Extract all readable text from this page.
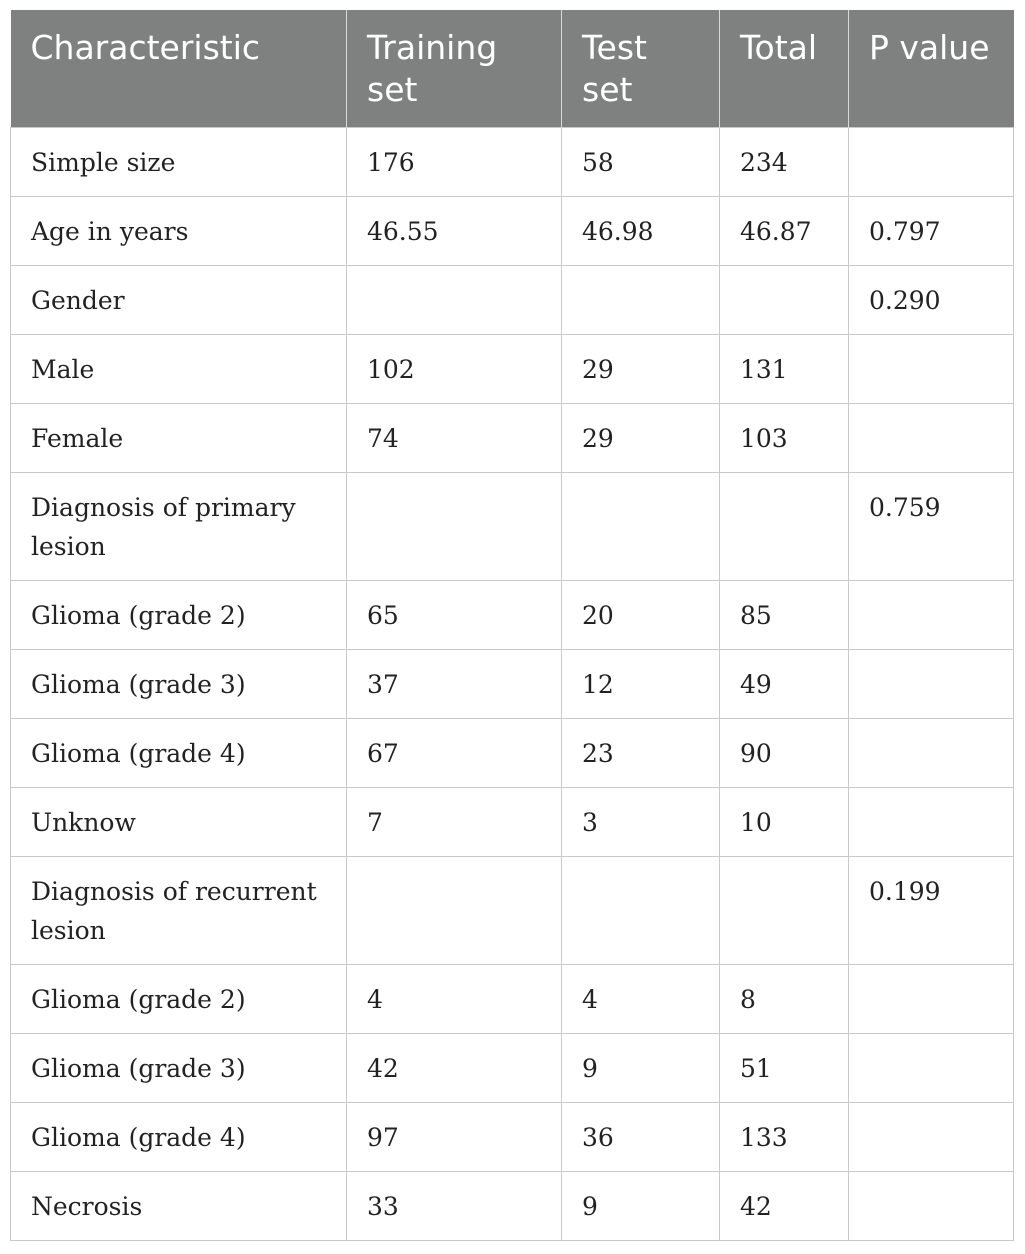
Characteristic	Training set	Test set	Total	P value
Simple size	176	58	234	
Age in years	46.55	46.98	46.87	0.797
Gender				0.290
Male	102	29	131	
Female	74	29	103	
Diagnosis of primary lesion				0.759
Glioma (grade 2)	65	20	85	
Glioma (grade 3)	37	12	49	
Glioma (grade 4)	67	23	90	
Unknow	7	3	10	
Diagnosis of recurrent lesion				0.199
Glioma (grade 2)	4	4	8	
Glioma (grade 3)	42	9	51	
Glioma (grade 4)	97	36	133	
Necrosis	33	9	42	
